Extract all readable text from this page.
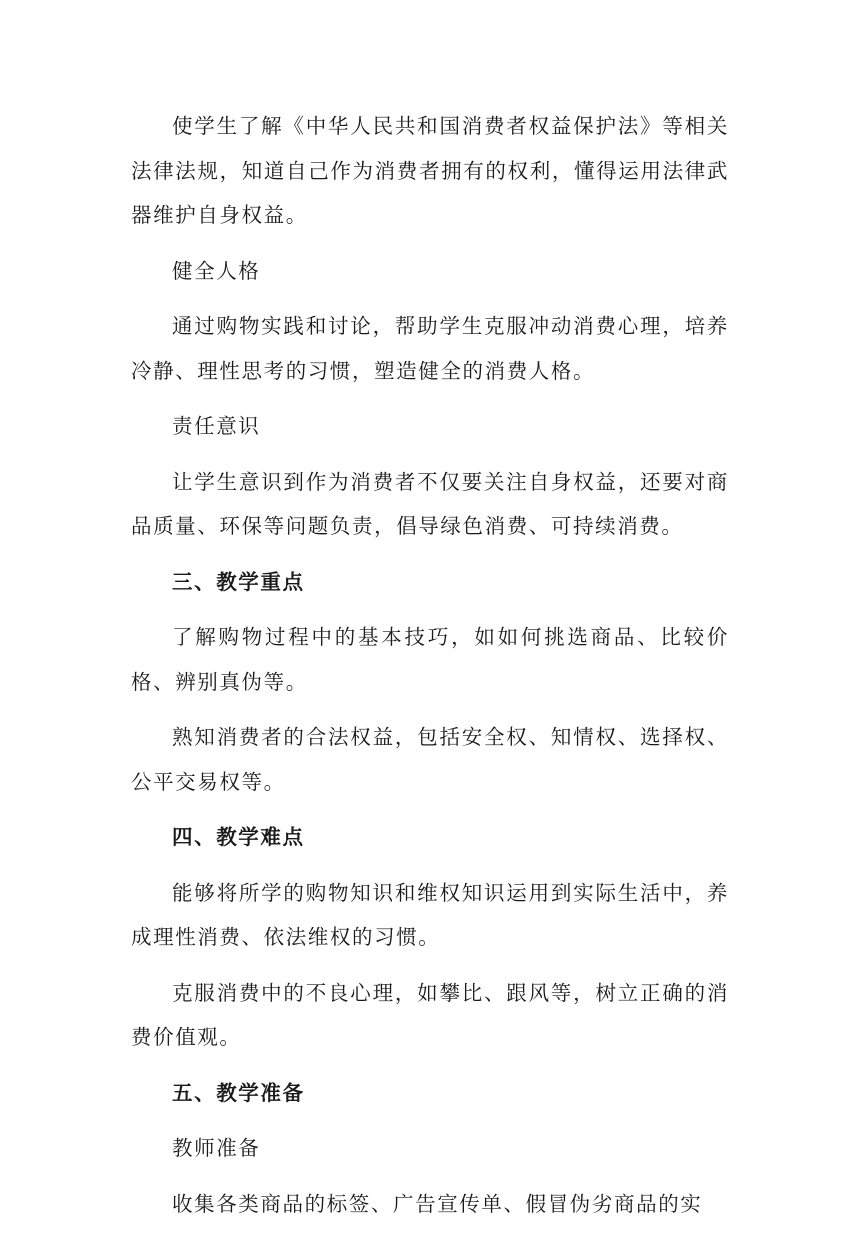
使学生了解《中华人民共和国消费者权益保护法》等相关法律法规，知道自己作为消费者拥有的权利，懂得运用法律武器维护自身权益。

健全人格

通过购物实践和讨论，帮助学生克服冲动消费心理，培养冷静、理性思考的习惯，塑造健全的消费人格。

责任意识

让学生意识到作为消费者不仅要关注自身权益，还要对商品质量、环保等问题负责，倡导绿色消费、可持续消费。

三、教学重点

了解购物过程中的基本技巧，如如何挑选商品、比较价格、辨别真伪等。

熟知消费者的合法权益，包括安全权、知情权、选择权、公平交易权等。

四、教学难点

能够将所学的购物知识和维权知识运用到实际生活中，养成理性消费、依法维权的习惯。

克服消费中的不良心理，如攀比、跟风等，树立正确的消费价值观。

五、教学准备

教师准备

收集各类商品的标签、广告宣传单、假冒伪劣商品的实
